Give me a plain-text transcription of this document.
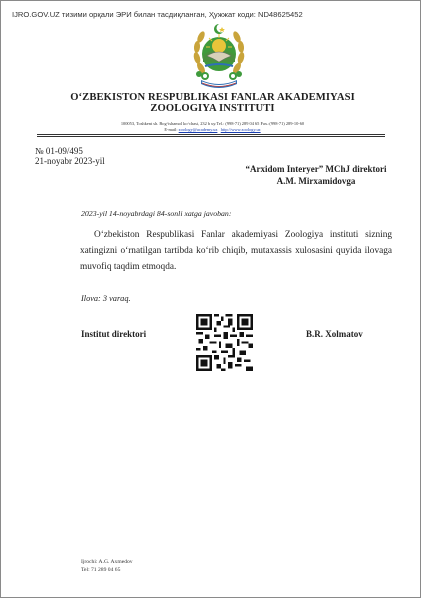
IJRO.GOV.UZ тизими орқали ЭРИ билан тасдиқланган, Ҳужжат коди: ND48625452
O‘ZBEKISTON RESPUBLIKASI FANLAR AKADEMIYASI
ZOOLOGIYA INSTITUTI
100053, Toshkent sh. Bog‘ishamol ko‘chasi, 232 b uy.Tel.: (998-71) 289 04 65 Fax.:(998-71) 289-10-60
E-mail: zoology@academy.uz http://www.zoology.uz
№ 01-09/495
21-noyabr 2023-yil
“Arxidom Interyer” MChJ direktori
A.M. Mirxamidovga
2023-yil 14-noyabrdagi 84-sonli xatga javoban:
O‘zbekiston Respublikasi Fanlar akademiyasi Zoologiya instituti sizning xatingizni o‘rnatilgan tartibda ko‘rib chiqib, mutaxassis xulosasini quyida ilovaga muvofiq taqdim etmoqda.
Ilova: 3 varaq.
Institut direktori	B.R. Xolmatov
Ijrochi: A.G. Axmedov
Tel: 71 289 04 65
